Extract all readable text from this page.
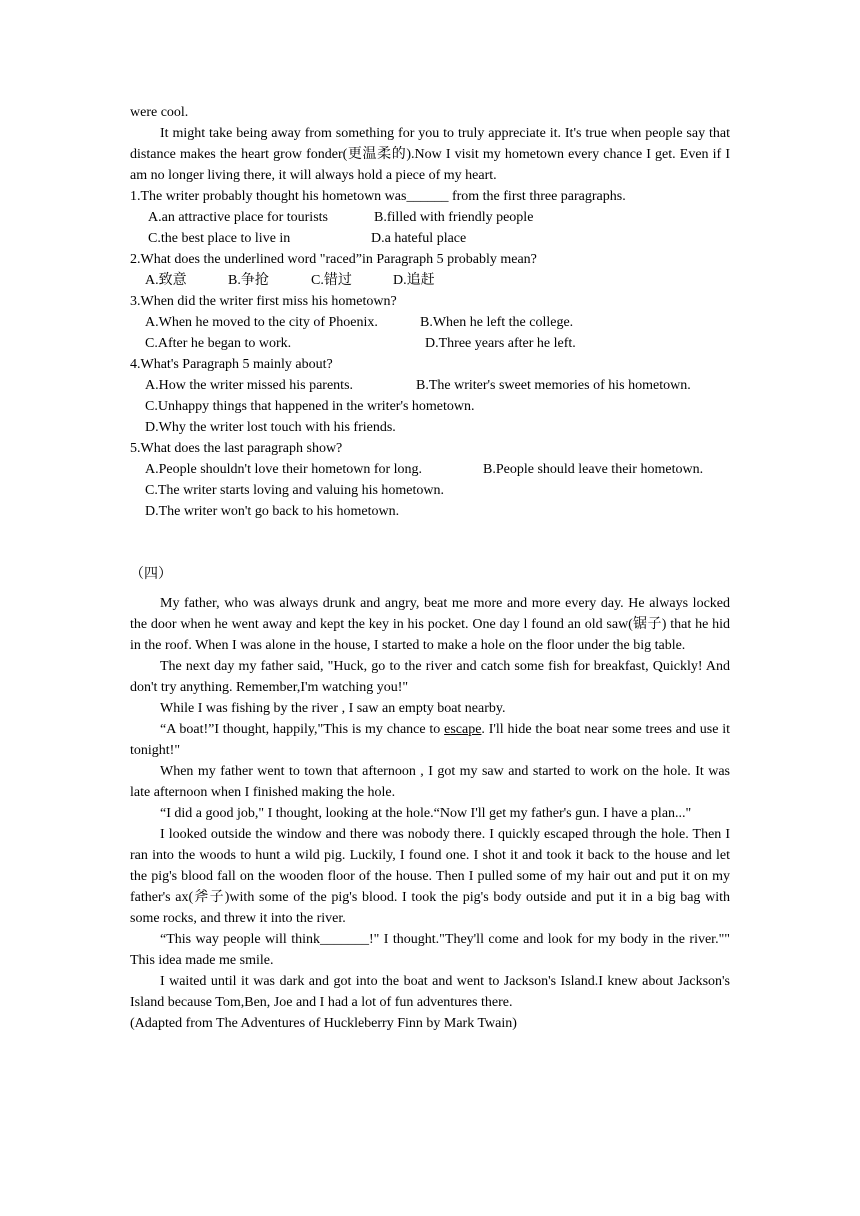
were cool.

It might take being away from something for you to truly appreciate it. It's true when people say that distance makes the heart grow fonder(更温柔的).Now I visit my hometown every chance I get. Even if I am no longer living there, it will always hold a piece of my heart.

1.The writer probably thought his hometown was______ from the first three paragraphs.

A.an attractive place for tourists	B.filled with friendly people
C.the best place to live in	D.a hateful place

2.What does the underlined word "raced”in Paragraph 5 probably mean?

A.致意	B.争抢	C.错过	D.追赶

3.When did the writer first miss his hometown?

A.When he moved to the city of Phoenix.	B.When he left the college.
C.After he began to work.	D.Three years after he left.

4.What's Paragraph 5 mainly about?

A.How the writer missed his parents.	B.The writer's sweet memories of his hometown.
C.Unhappy things that happened in the writer's hometown.
D.Why the writer lost touch with his friends.

5.What does the last paragraph show?

A.People shouldn't love their hometown for long.	B.People should leave their hometown.
C.The writer starts loving and valuing his hometown.
D.The writer won't go back to his hometown.

（四）

My father, who was always drunk and angry, beat me more and more every day. He always locked the door when he went away and kept the key in his pocket. One day l found an old saw(锯子) that he hid in the roof. When I was alone in the house, I started to make a hole on the floor under the big table.

The next day my father said, "Huck, go to the river and catch some fish for breakfast, Quickly! And don't try anything. Remember,I'm watching you!"

While I was fishing by the river , I saw an empty boat nearby.

“A boat!”I thought, happily,"This is my chance to escape. I'll hide the boat near some trees and use it tonight!"

When my father went to town that afternoon , I got my saw and started to work on the hole. It was late afternoon when I finished making the hole.

“I did a good job," I thought, looking at the hole.“Now I'll get my father's gun. I have a plan..."

I looked outside the window and there was nobody there. I quickly escaped through the hole. Then I ran into the woods to hunt a wild pig. Luckily, I found one. I shot it and took it back to the house and let the pig's blood fall on the wooden floor of the house. Then I pulled some of my hair out and put it on my father's ax(斧子)with some of the pig's blood. I took the pig's body outside and put it in a big bag with some rocks, and threw it into the river.

“This way people will think_______!" I thought."They'll come and look for my body in the river."" This idea made me smile.

I waited until it was dark and got into the boat and went to Jackson's Island.I knew about Jackson's Island because Tom,Ben, Joe and I had a lot of fun adventures there.

(Adapted from The Adventures of Huckleberry Finn by Mark Twain)
